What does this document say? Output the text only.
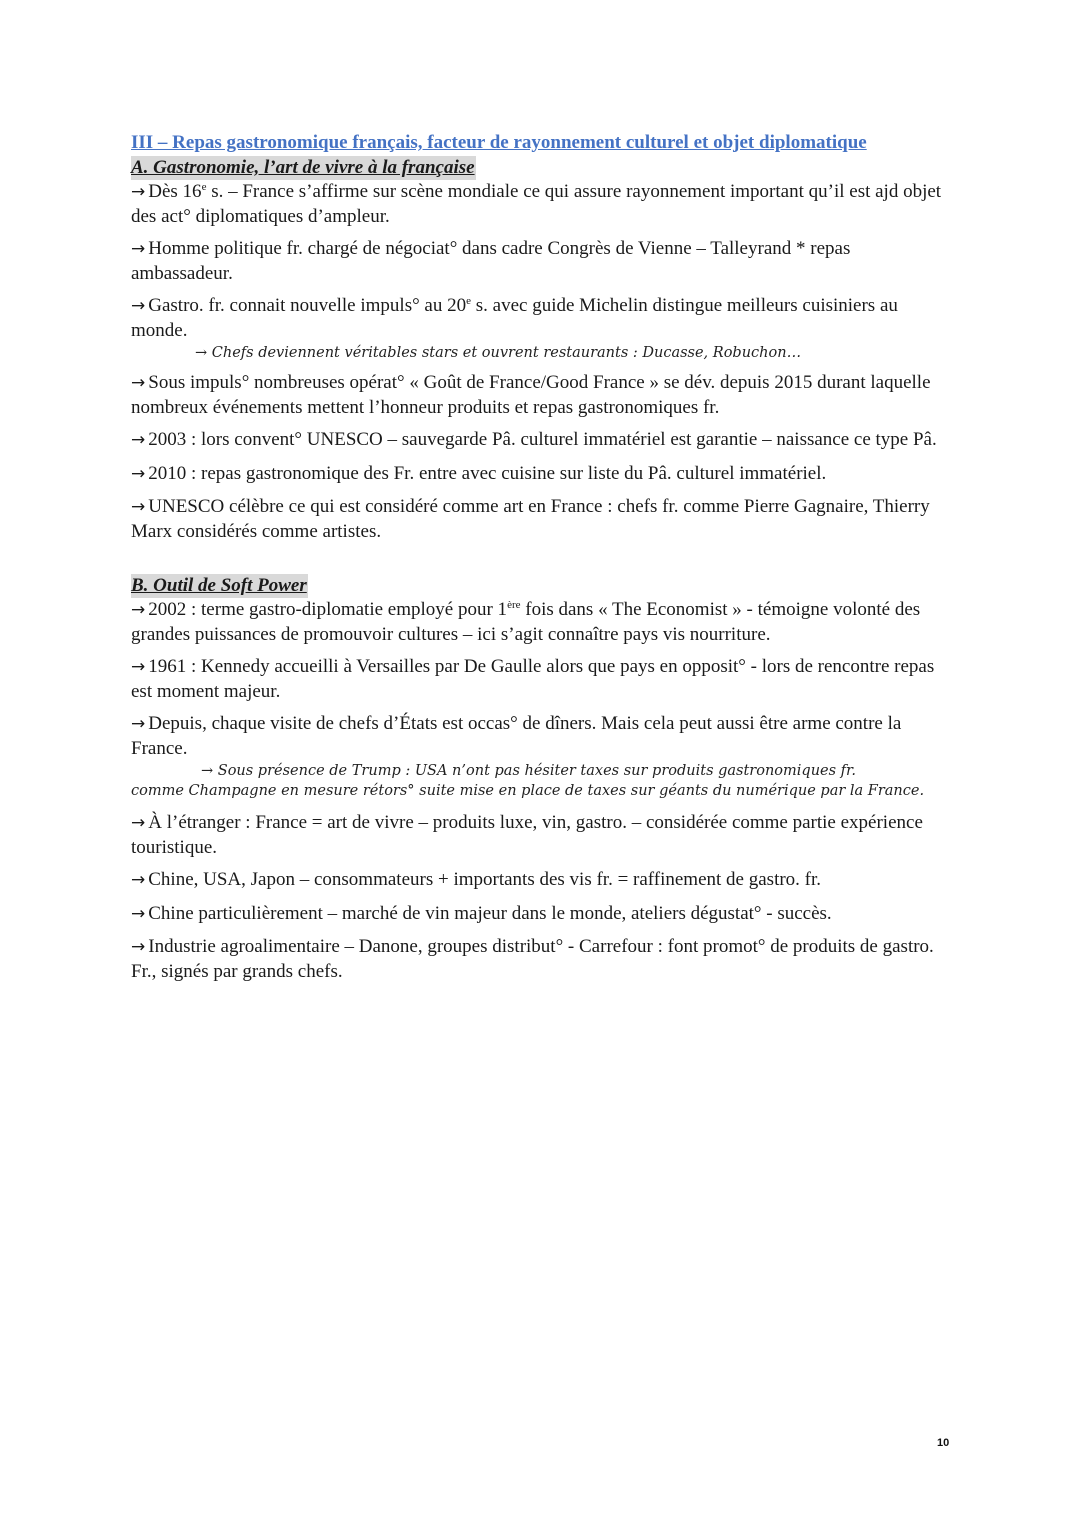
III – Repas gastronomique français, facteur de rayonnement culturel et objet diplomatique

A. Gastronomie, l’art de vivre à la française

→ Dès 16e s. – France s’affirme sur scène mondiale ce qui assure rayonnement important qu’il est ajd objet des act° diplomatiques d’ampleur.

→ Homme politique fr. chargé de négociat° dans cadre Congrès de Vienne – Talleyrand * repas ambassadeur.

→ Gastro. fr. connait nouvelle impuls° au 20e s. avec guide Michelin distingue meilleurs cuisiniers au monde.

→ Chefs deviennent véritables stars et ouvrent restaurants : Ducasse, Robuchon…

→ Sous impuls° nombreuses opérat° « Goût de France/Good France » se dév. depuis 2015 durant laquelle nombreux événements mettent l’honneur produits et repas gastronomiques fr.

→ 2003 : lors convent° UNESCO – sauvegarde Pâ. culturel immatériel est garantie – naissance ce type Pâ.

→ 2010 : repas gastronomique des Fr. entre avec cuisine sur liste du Pâ. culturel immatériel.

→ UNESCO célèbre ce qui est considéré comme art en France : chefs fr. comme Pierre Gagnaire, Thierry Marx considérés comme artistes.

B. Outil de Soft Power

→ 2002 : terme gastro-diplomatie employé pour 1ère fois dans « The Economist » - témoigne volonté des grandes puissances de promouvoir cultures – ici s’agit connaître pays vis nourriture.

→ 1961 : Kennedy accueilli à Versailles par De Gaulle alors que pays en opposit° - lors de rencontre repas est moment majeur.

→ Depuis, chaque visite de chefs d’États est occas° de dîners. Mais cela peut aussi être arme contre la France.

→ Sous présence de Trump : USA n’ont pas hésiter taxes sur produits gastronomiques fr.
comme Champagne en mesure rétors° suite mise en place de taxes sur géants du numérique par la France.

→ À l’étranger : France = art de vivre – produits luxe, vin, gastro. – considérée comme partie expérience touristique.

→ Chine, USA, Japon – consommateurs + importants des vis fr. = raffinement de gastro. fr.

→ Chine particulièrement – marché de vin majeur dans le monde, ateliers dégustat° - succès.

→ Industrie agroalimentaire – Danone, groupes distribut° - Carrefour : font promot° de produits de gastro. Fr., signés par grands chefs.

10
